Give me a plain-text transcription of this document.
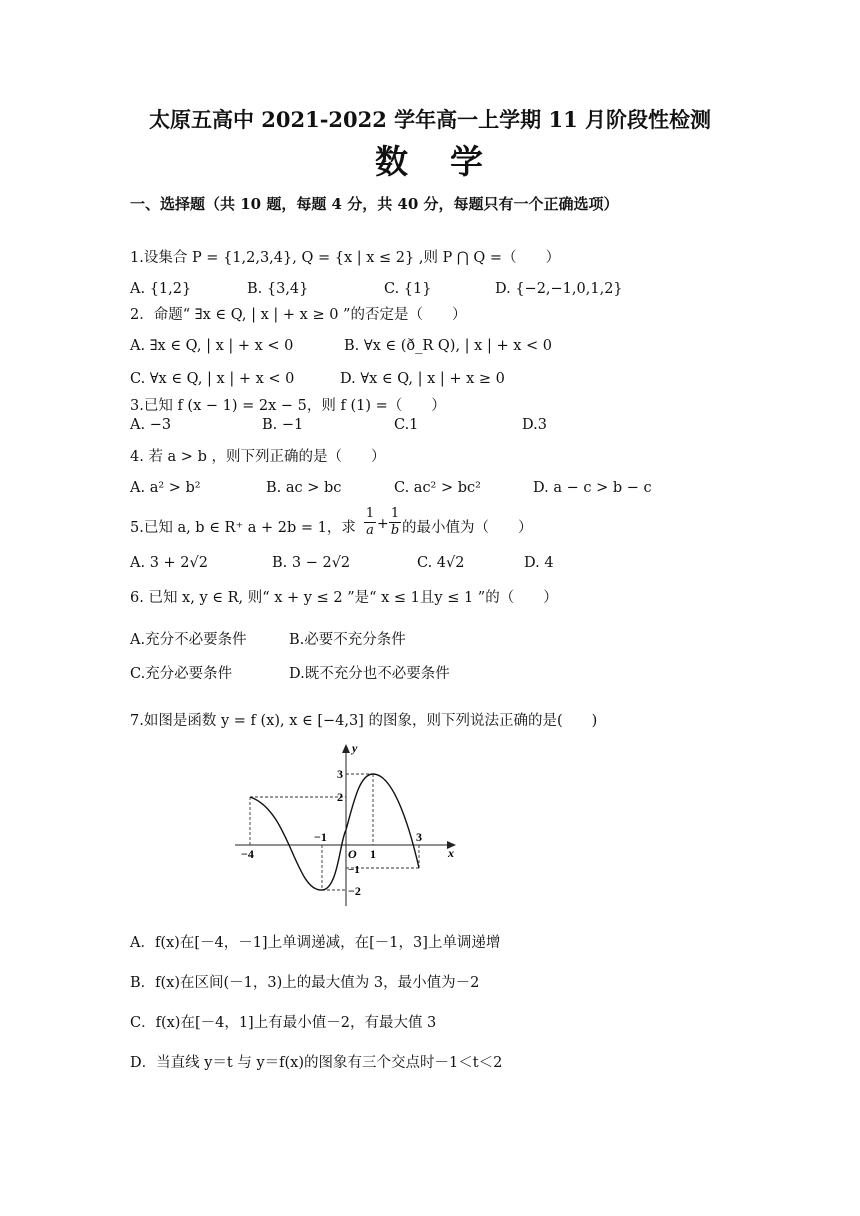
太原五高中 2021-2022 学年高一上学期 11 月阶段性检测
数 学
一、选择题（共 10 题，每题 4 分，共 40 分，每题只有一个正确选项）
1.设集合 P = {1,2,3,4}, Q = {x | x ≤ 2} ,则 P ⋂ Q =（　　）
A. {1,2}	B. {3,4}	C. {1}	D. {−2,−1,0,1,2}
2．命题“ ∃x ∈ Q, | x | + x ≥ 0 ”的否定是（　　）
A. ∃x ∈ Q, | x | + x < 0	B. ∀x ∈ (ð_R Q), | x | + x < 0
C. ∀x ∈ Q, | x | + x < 0	D. ∀x ∈ Q, | x | + x ≥ 0
3.已知 f (x − 1) = 2x − 5，则 f (1) =（　　）
A. −3	B. −1	C.1	D.3
4. 若 a > b ，则下列正确的是（　　）
A. a² > b²	B. ac > bc	C. ac² > bc²	D. a − c > b − c
5.已知 a, b ∈ R⁺ a + 2b = 1，求 $\frac{1}{a} + \frac{1}{b}$ 的最小值为（　　）
A. 3 + 2√2	B. 3 − 2√2	C. 4√2	D. 4
6. 已知 x, y ∈ R, 则“ x + y ≤ 2 ”是“ x ≤ 1且y ≤ 1 ”的（　　）
A.充分不必要条件	B.必要不充分条件
C.充分必要条件	D.既不充分也不必要条件
7.如图是函数 y = f (x), x ∈ [−4,3] 的图象，则下列说法正确的是(　　)
y
x
O
−4
−1
1
3
3
2
−1
−2
A．f(x)在[－4，－1]上单调递减，在[－1，3]上单调递增
B．f(x)在区间(－1，3)上的最大值为 3，最小值为－2
C．f(x)在[－4，1]上有最小值－2，有最大值 3
D．当直线 y＝t 与 y＝f(x)的图象有三个交点时－1＜t＜2
